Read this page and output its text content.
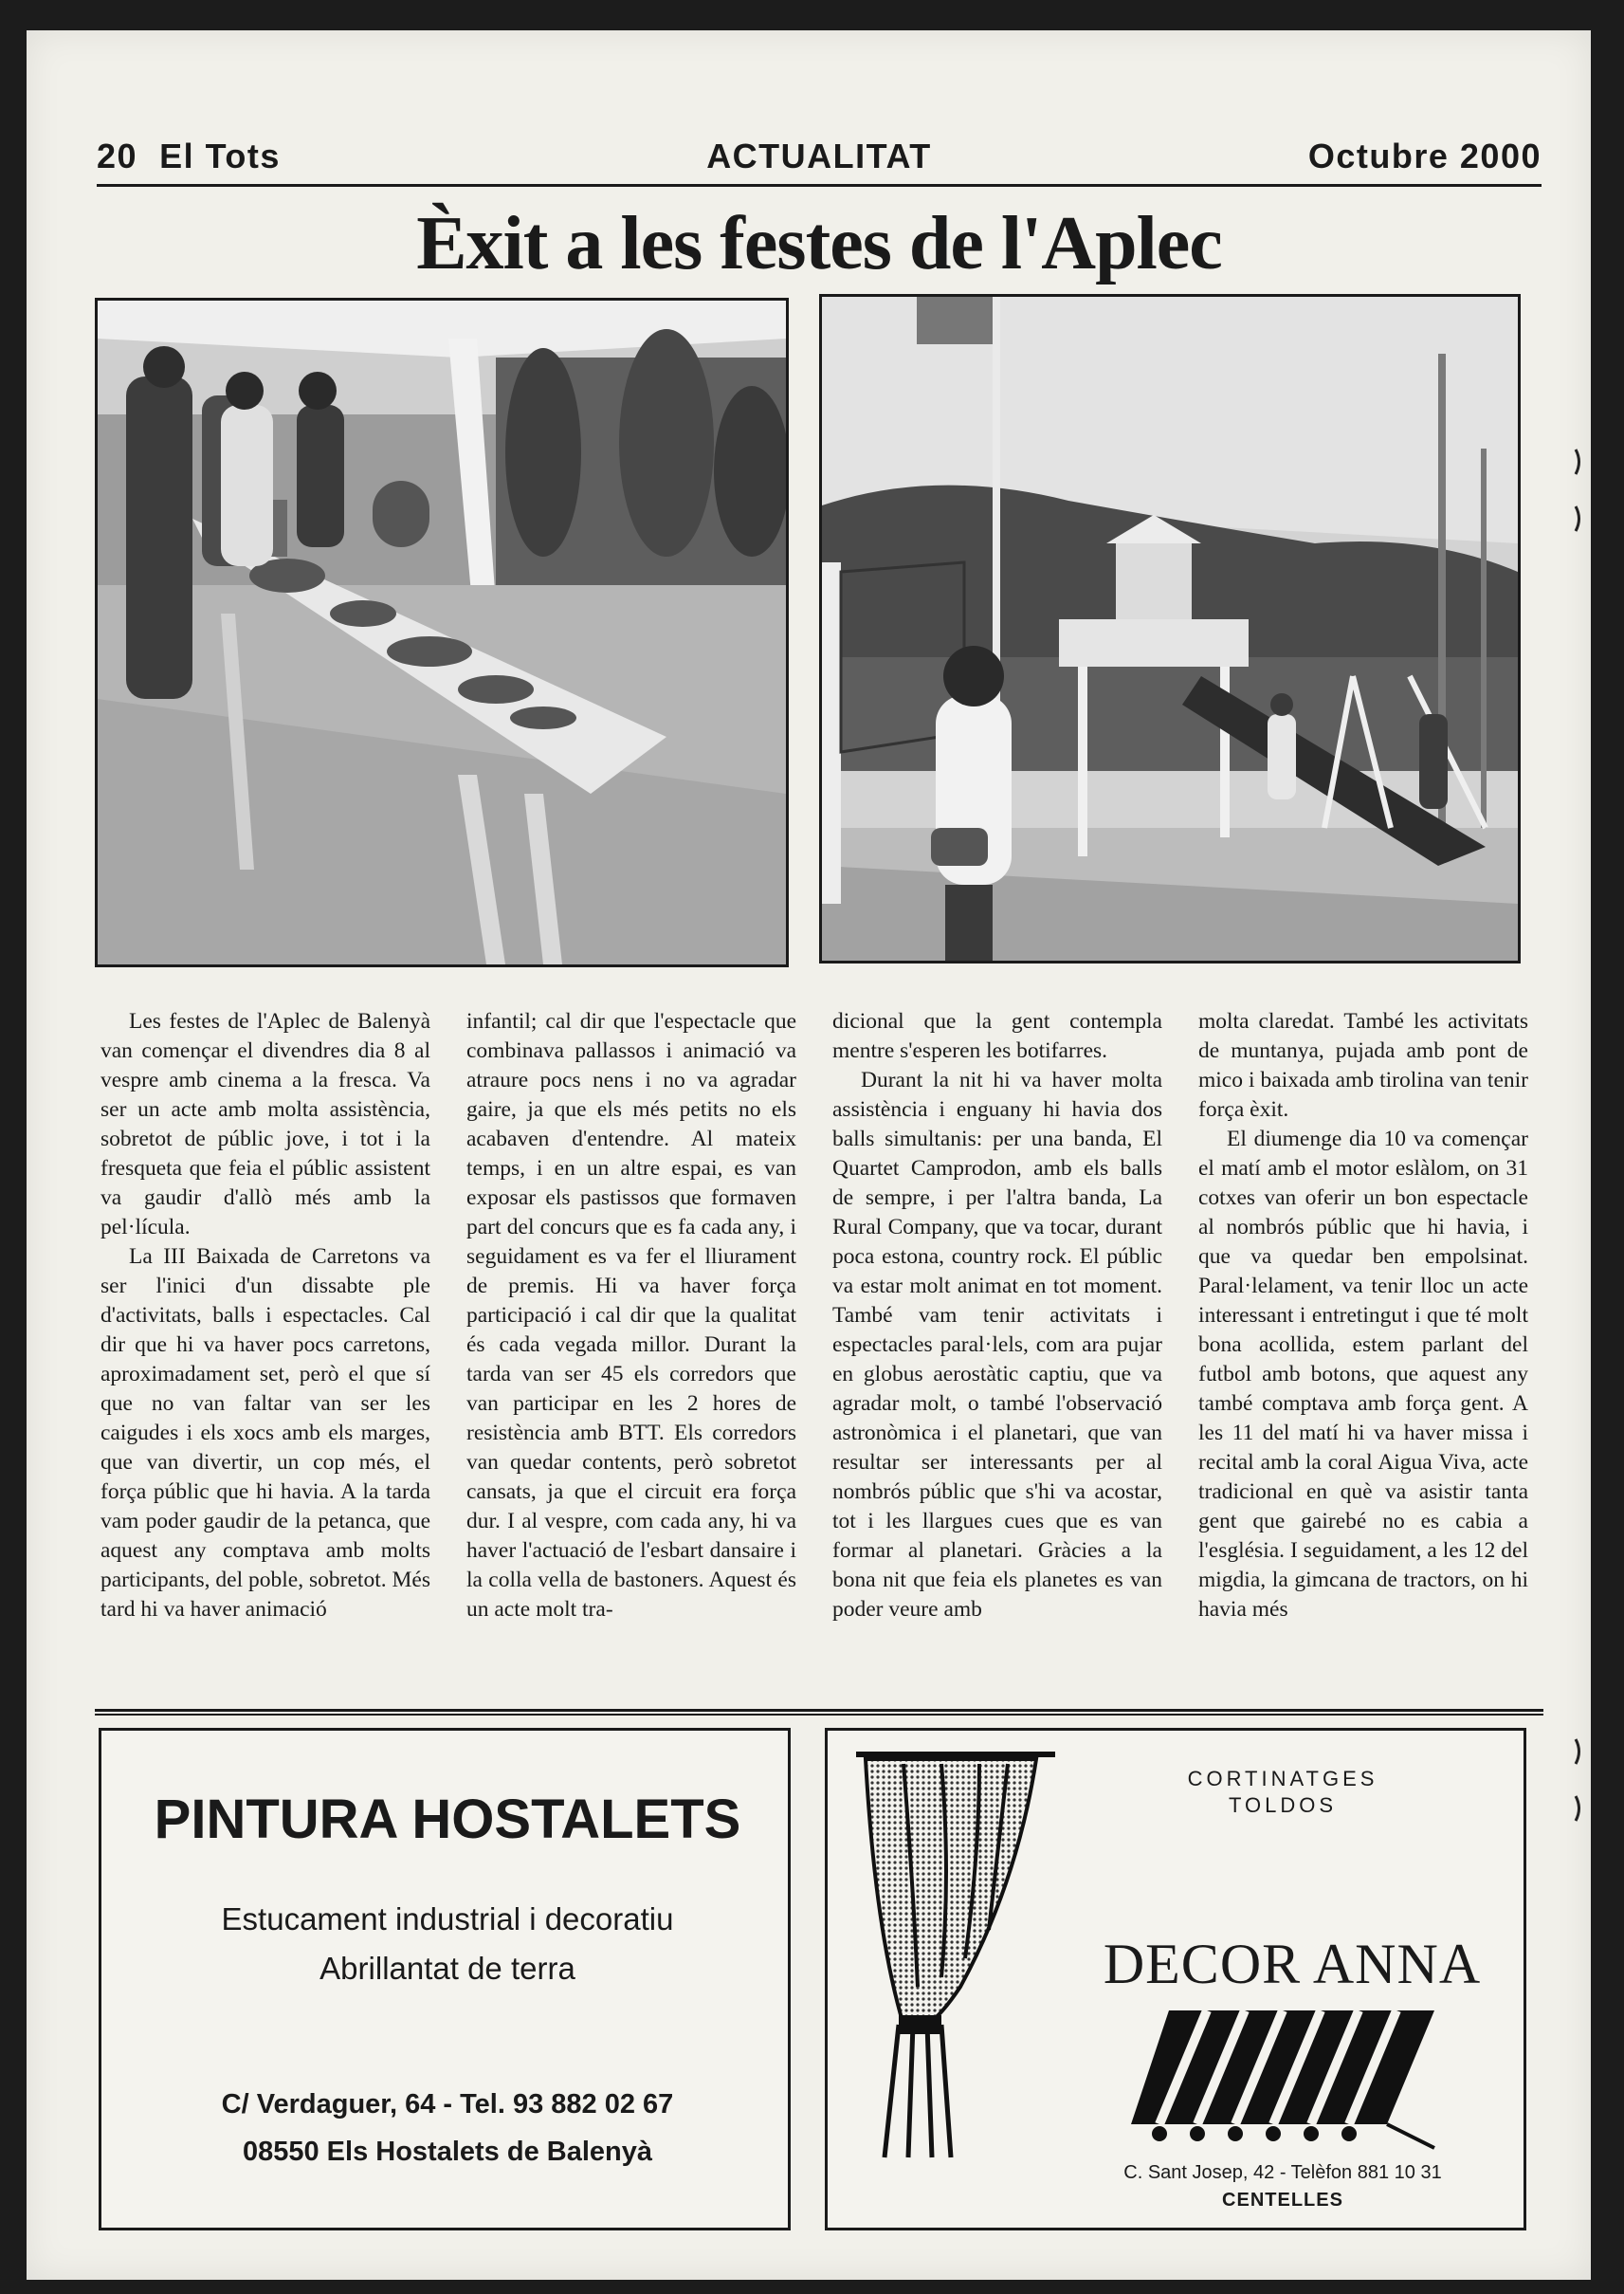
20 El Tots	ACTUALITAT	Octubre 2000
Èxit a les festes de l'Aplec

Les festes de l'Aplec de Balenyà van començar el divendres dia 8 al vespre amb cinema a la fresca. Va ser un acte amb molta assistència, sobretot de públic jove, i tot i la fresqueta que feia el públic assistent va gaudir d'allò més amb la pel·lícula.

La III Baixada de Carretons va ser l'inici d'un dissabte ple d'activitats, balls i espectacles. Cal dir que hi va haver pocs carretons, aproximadament set, però el que sí que no van faltar van ser les caigudes i els xocs amb els marges, que van divertir, un cop més, el força públic que hi havia. A la tarda vam poder gaudir de la petanca, que aquest any comptava amb molts participants, del poble, sobretot. Més tard hi va haver animació

infantil; cal dir que l'espectacle que combinava pallassos i animació va atraure pocs nens i no va agradar gaire, ja que els més petits no els acabaven d'entendre. Al mateix temps, i en un altre espai, es van exposar els pastissos que formaven part del concurs que es fa cada any, i seguidament es va fer el lliurament de premis. Hi va haver força participació i cal dir que la qualitat és cada vegada millor. Durant la tarda van ser 45 els corredors que van participar en les 2 hores de resistència amb BTT. Els corredors van quedar contents, però sobretot cansats, ja que el circuit era força dur. I al vespre, com cada any, hi va haver l'actuació de l'esbart dansaire i la colla vella de bastoners. Aquest és un acte molt tra-

dicional que la gent contempla mentre s'esperen les botifarres.

Durant la nit hi va haver molta assistència i enguany hi havia dos balls simultanis: per una banda, El Quartet Camprodon, amb els balls de sempre, i per l'altra banda, La Rural Company, que va tocar, durant poca estona, country rock. El públic va estar molt animat en tot moment. També vam tenir activitats i espectacles paral·lels, com ara pujar en globus aerostàtic captiu, que va agradar molt, o també l'observació astronòmica i el planetari, que van resultar ser interessants per al nombrós públic que s'hi va acostar, tot i les llargues cues que es van formar al planetari. Gràcies a la bona nit que feia els planetes es van poder veure amb

molta claredat. També les activitats de muntanya, pujada amb pont de mico i baixada amb tirolina van tenir força èxit.

El diumenge dia 10 va començar el matí amb el motor eslàlom, on 31 cotxes van oferir un bon espectacle al nombrós públic que hi havia, i que va quedar ben empolsinat. Paral·lelament, va tenir lloc un acte interessant i entretingut i que té molt bona acollida, estem parlant del futbol amb botons, que aquest any també comptava amb força gent. A les 11 del matí hi va haver missa i recital amb la coral Aigua Viva, acte tradicional en què va asistir tanta gent que gairebé no es cabia a l'església. I seguidament, a les 12 del migdia, la gimcana de tractors, on hi havia més

PINTURA HOSTALETS
Estucament industrial i decoratiu
Abrillantat de terra
C/ Verdaguer, 64 - Tel. 93 882 02 67
08550 Els Hostalets de Balenyà
CORTINATGES
TOLDOS
DECOR ANNA
C. Sant Josep, 42 - Telèfon 881 10 31
CENTELLES
